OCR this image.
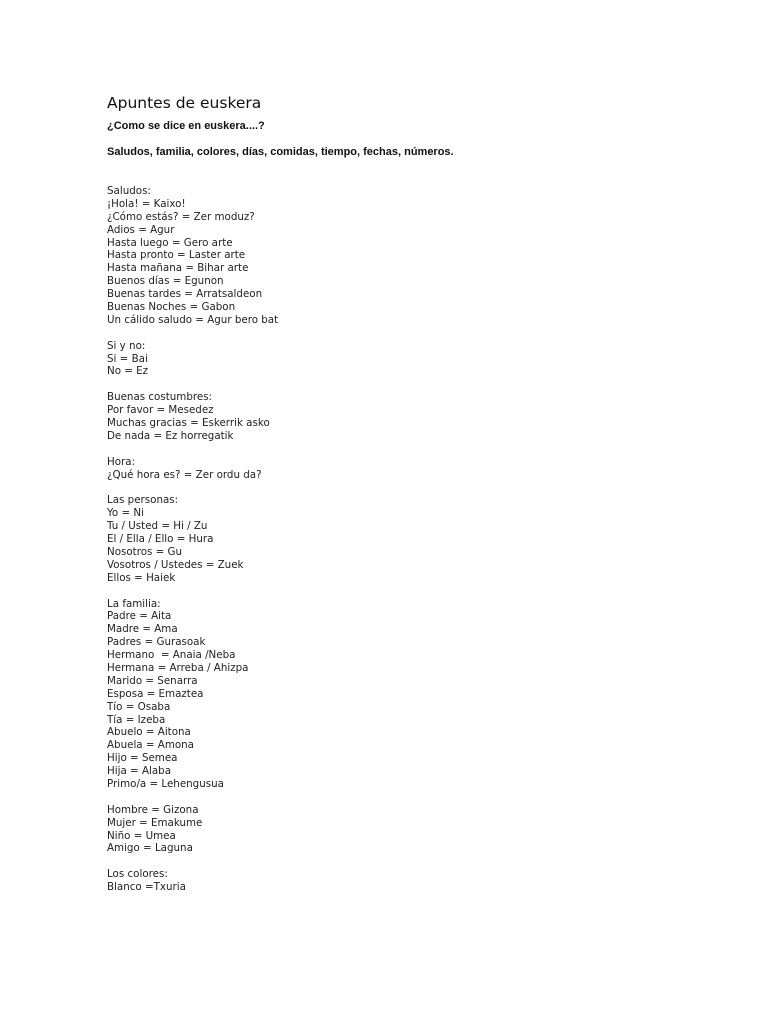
Apuntes de euskera

¿Como se dice en euskera....?

Saludos, familia, colores, días, comidas, tiempo, fechas, números.

Saludos:
¡Hola! = Kaixo!
¿Cómo estás? = Zer moduz?
Adios = Agur
Hasta luego = Gero arte
Hasta pronto = Laster arte
Hasta mañana = Bihar arte
Buenos días = Egunon
Buenas tardes = Arratsaldeon
Buenas Noches = Gabon
Un cálido saludo = Agur bero bat
Si y no:
Si = Bai
No = Ez
Buenas costumbres:
Por favor = Mesedez
Muchas gracias = Eskerrik asko
De nada = Ez horregatik
Hora:
¿Qué hora es? = Zer ordu da?
Las personas:
Yo = Ni
Tu / Usted = Hi / Zu
El / Ella / Ello = Hura
Nosotros = Gu
Vosotros / Ustedes = Zuek
Ellos = Haiek
La familia:
Padre = Aita
Madre = Ama
Padres = Gurasoak
Hermano  = Anaia /Neba
Hermana = Arreba / Ahizpa
Marido = Senarra
Esposa = Emaztea
Tío = Osaba
Tía = Izeba
Abuelo = Aitona
Abuela = Amona
Hijo = Semea
Hija = Alaba
Primo/a = Lehengusua
Hombre = Gizona
Mujer = Emakume
Niño = Umea
Amigo = Laguna
Los colores:
Blanco =Txuria
